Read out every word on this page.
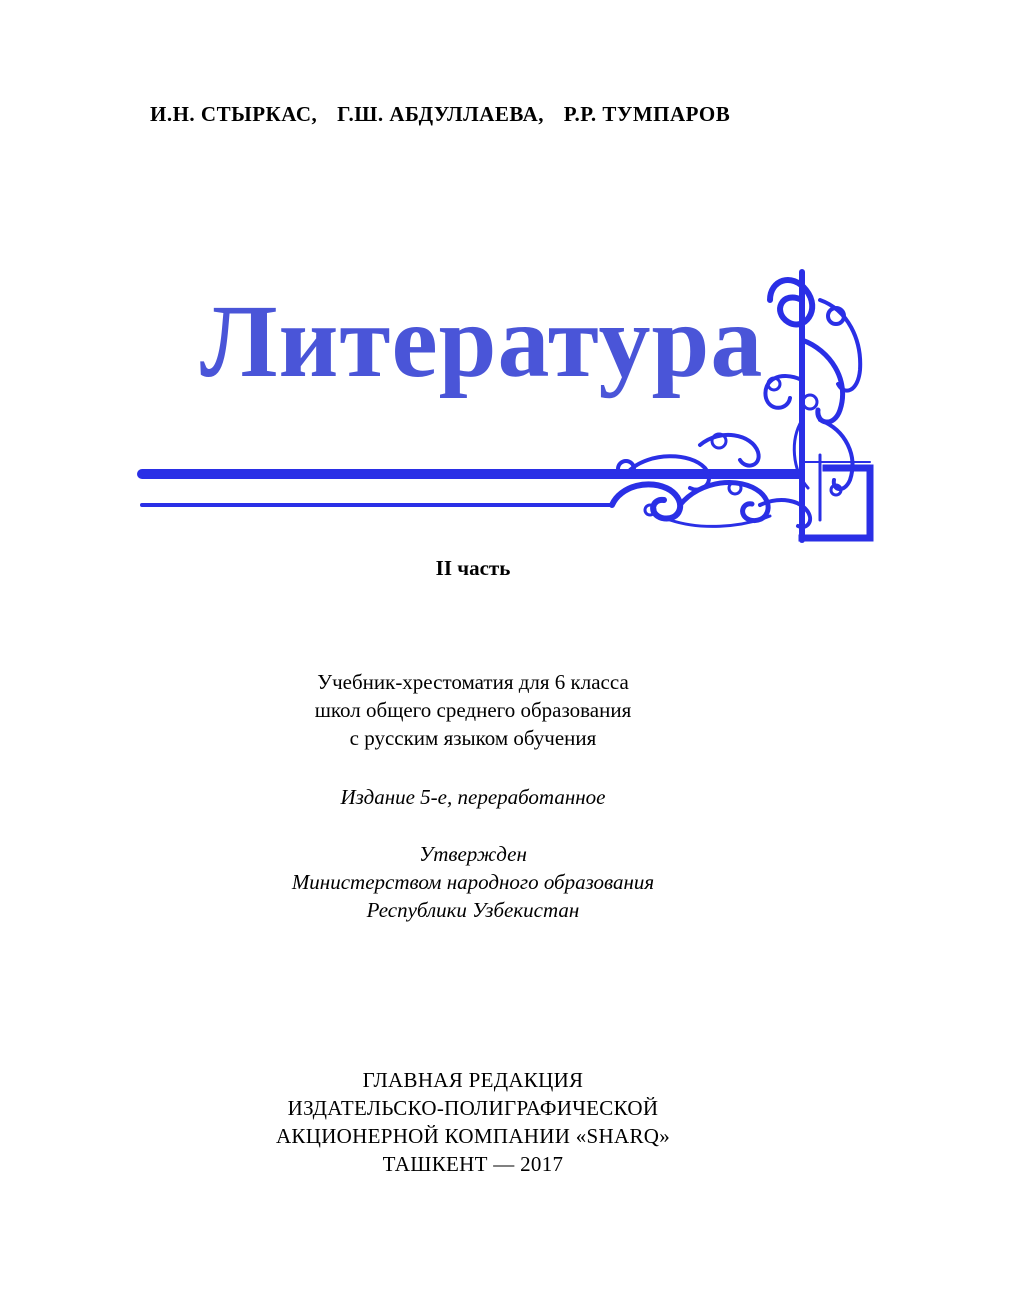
И.Н. СТЫРКАС, Г.Ш. АБДУЛЛАЕВА, Р.Р. ТУМПАРОВ
Литература
II часть
Учебник-хрестоматия для 6 класса
школ общего среднего образования
с русским языком обучения
Издание 5-е, переработанное
Утвержден
Министерством народного образования
Республики Узбекистан
ГЛАВНАЯ РЕДАКЦИЯ
ИЗДАТЕЛЬСКО-ПОЛИГРАФИЧЕСКОЙ
АКЦИОНЕРНОЙ КОМПАНИИ «SHARQ»
ТАШКЕНТ — 2017
